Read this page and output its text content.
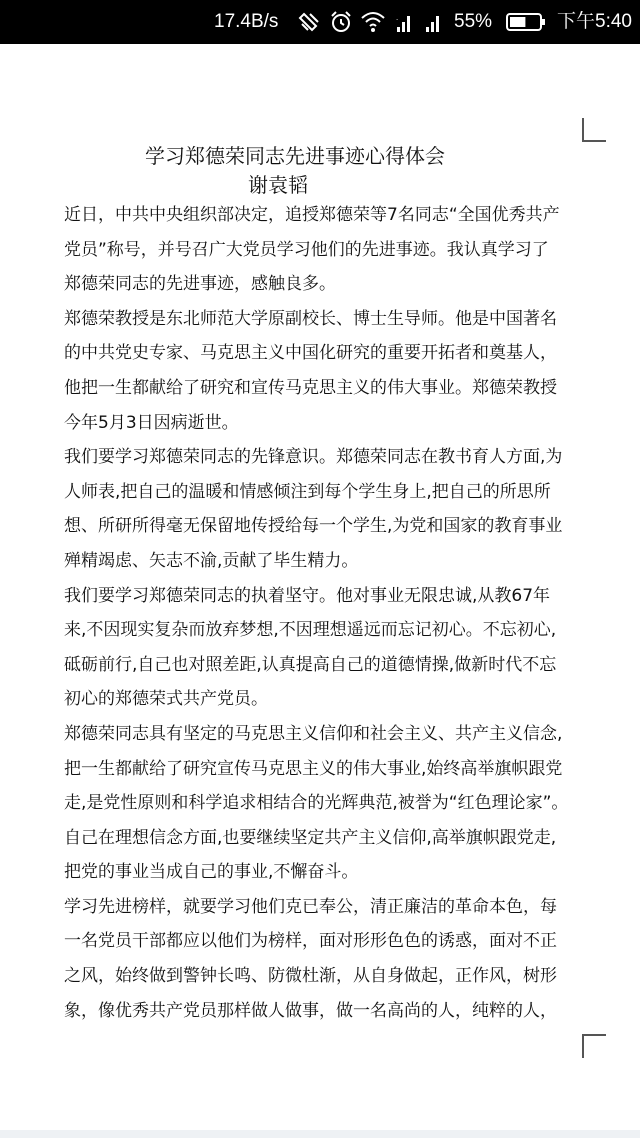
17.4B/s	.	55%	下午5:40
学习郑德荣同志先进事迹心得体会
谢袁韬
近日，中共中央组织部决定，追授郑德荣等7名同志“全国优秀共产
党员”称号，并号召广大党员学习他们的先进事迹。我认真学习了
郑德荣同志的先进事迹，感触良多。
郑德荣教授是东北师范大学原副校长、博士生导师。他是中国著名
的中共党史专家、马克思主义中国化研究的重要开拓者和奠基人，
他把一生都献给了研究和宣传马克思主义的伟大事业。郑德荣教授
今年5月3日因病逝世。
我们要学习郑德荣同志的先锋意识。郑德荣同志在教书育人方面,为
人师表,把自己的温暖和情感倾注到每个学生身上,把自己的所思所
想、所研所得毫无保留地传授给每一个学生,为党和国家的教育事业
殚精竭虑、矢志不渝,贡献了毕生精力。
我们要学习郑德荣同志的执着坚守。他对事业无限忠诚,从教67年
来,不因现实复杂而放弃梦想,不因理想遥远而忘记初心。不忘初心,
砥砺前行,自己也对照差距,认真提高自己的道德情操,做新时代不忘
初心的郑德荣式共产党员。
郑德荣同志具有坚定的马克思主义信仰和社会主义、共产主义信念,
把一生都献给了研究宣传马克思主义的伟大事业,始终高举旗帜跟党
走,是党性原则和科学追求相结合的光辉典范,被誉为“红色理论家”。
自己在理想信念方面,也要继续坚定共产主义信仰,高举旗帜跟党走,
把党的事业当成自己的事业,不懈奋斗。
学习先进榜样，就要学习他们克已奉公，清正廉洁的革命本色，每
一名党员干部都应以他们为榜样，面对形形色色的诱惑，面对不正
之风，始终做到警钟长鸣、防微杜渐，从自身做起，正作风，树形
象，像优秀共产党员那样做人做事，做一名高尚的人，纯粹的人，
